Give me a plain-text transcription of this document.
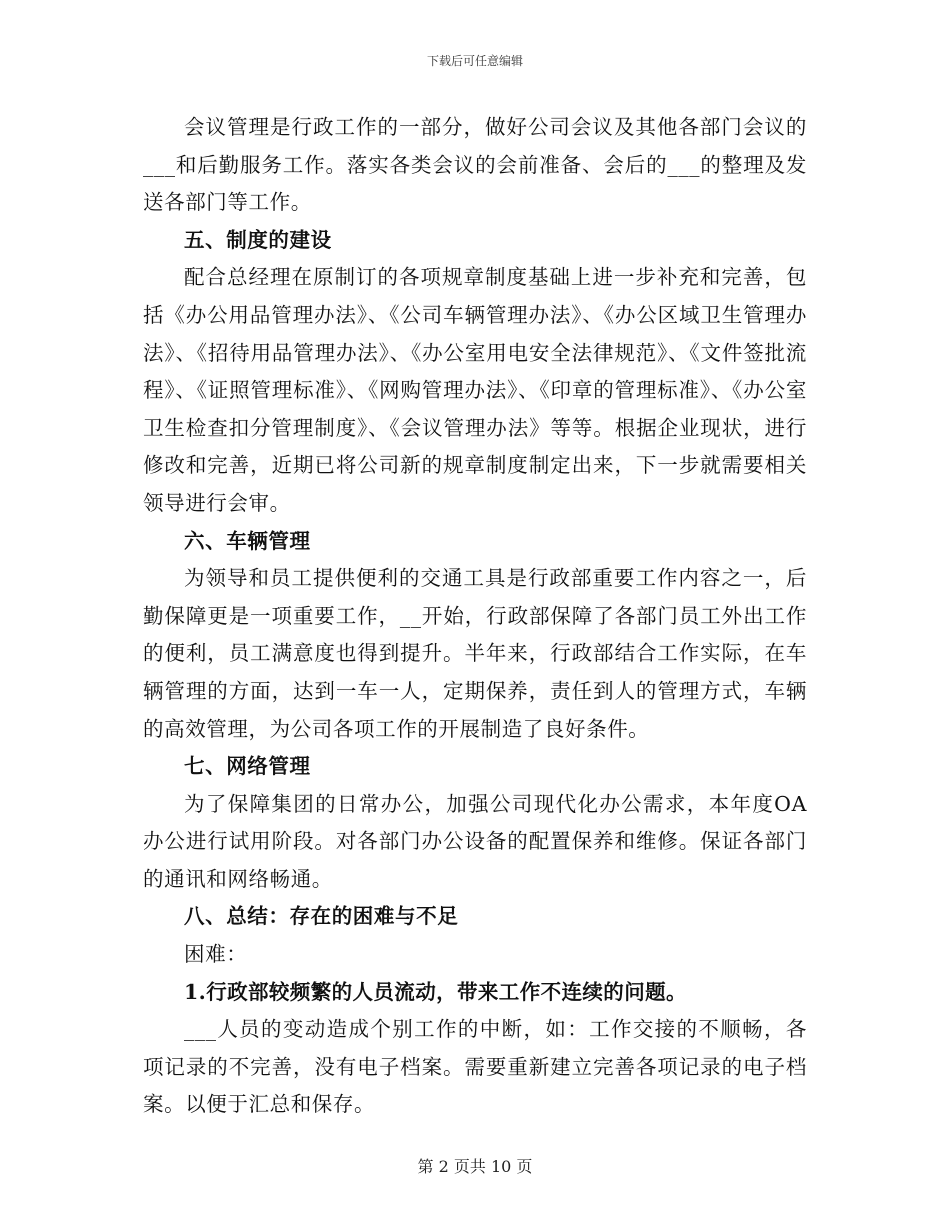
下载后可任意编辑

会议管理是行政工作的一部分，做好公司会议及其他各部门会议的___和后勤服务工作。落实各类会议的会前准备、会后的___的整理及发送各部门等工作。

五、制度的建设

配合总经理在原制订的各项规章制度基础上进一步补充和完善，包括《办公用品管理办法》、《公司车辆管理办法》、《办公区域卫生管理办法》、《招待用品管理办法》、《办公室用电安全法律规范》、《文件签批流程》、《证照管理标准》、《网购管理办法》、《印章的管理标准》、《办公室卫生检查扣分管理制度》、《会议管理办法》等等。根据企业现状，进行修改和完善，近期已将公司新的规章制度制定出来，下一步就需要相关领导进行会审。

六、车辆管理

为领导和员工提供便利的交通工具是行政部重要工作内容之一，后勤保障更是一项重要工作，__开始，行政部保障了各部门员工外出工作的便利，员工满意度也得到提升。半年来，行政部结合工作实际，在车辆管理的方面，达到一车一人，定期保养，责任到人的管理方式，车辆的高效管理，为公司各项工作的开展制造了良好条件。

七、网络管理

为了保障集团的日常办公，加强公司现代化办公需求，本年度OA办公进行试用阶段。对各部门办公设备的配置保养和维修。保证各部门的通讯和网络畅通。

八、总结：存在的困难与不足

困难：

1.行政部较频繁的人员流动，带来工作不连续的问题。

___人员的变动造成个别工作的中断，如：工作交接的不顺畅，各项记录的不完善，没有电子档案。需要重新建立完善各项记录的电子档案。以便于汇总和保存。

第 2 页共 10 页
